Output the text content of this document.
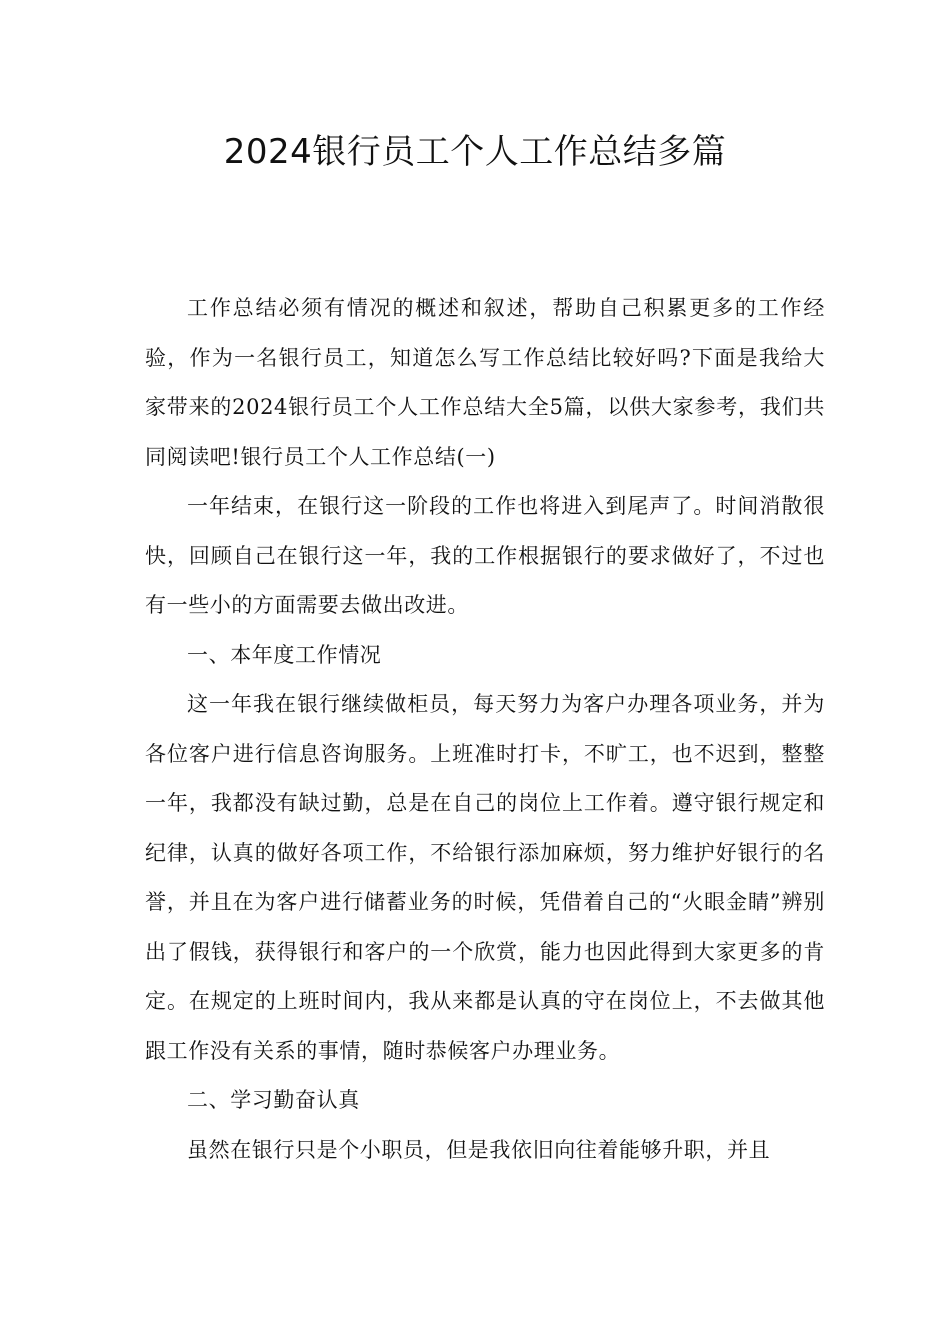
2024银行员工个人工作总结多篇

工作总结必须有情况的概述和叙述，帮助自己积累更多的工作经验，作为一名银行员工，知道怎么写工作总结比较好吗?下面是我给大家带来的2024银行员工个人工作总结大全5篇，以供大家参考，我们共同阅读吧!银行员工个人工作总结(一)

一年结束，在银行这一阶段的工作也将进入到尾声了。时间消散很快，回顾自己在银行这一年，我的工作根据银行的要求做好了，不过也有一些小的方面需要去做出改进。

一、本年度工作情况

这一年我在银行继续做柜员，每天努力为客户办理各项业务，并为各位客户进行信息咨询服务。上班准时打卡，不旷工，也不迟到，整整一年，我都没有缺过勤，总是在自己的岗位上工作着。遵守银行规定和纪律，认真的做好各项工作，不给银行添加麻烦，努力维护好银行的名誉，并且在为客户进行储蓄业务的时候，凭借着自己的“火眼金睛”辨别出了假钱，获得银行和客户的一个欣赏，能力也因此得到大家更多的肯定。在规定的上班时间内，我从来都是认真的守在岗位上，不去做其他跟工作没有关系的事情，随时恭候客户办理业务。

二、学习勤奋认真

虽然在银行只是个小职员，但是我依旧向往着能够升职，并且
